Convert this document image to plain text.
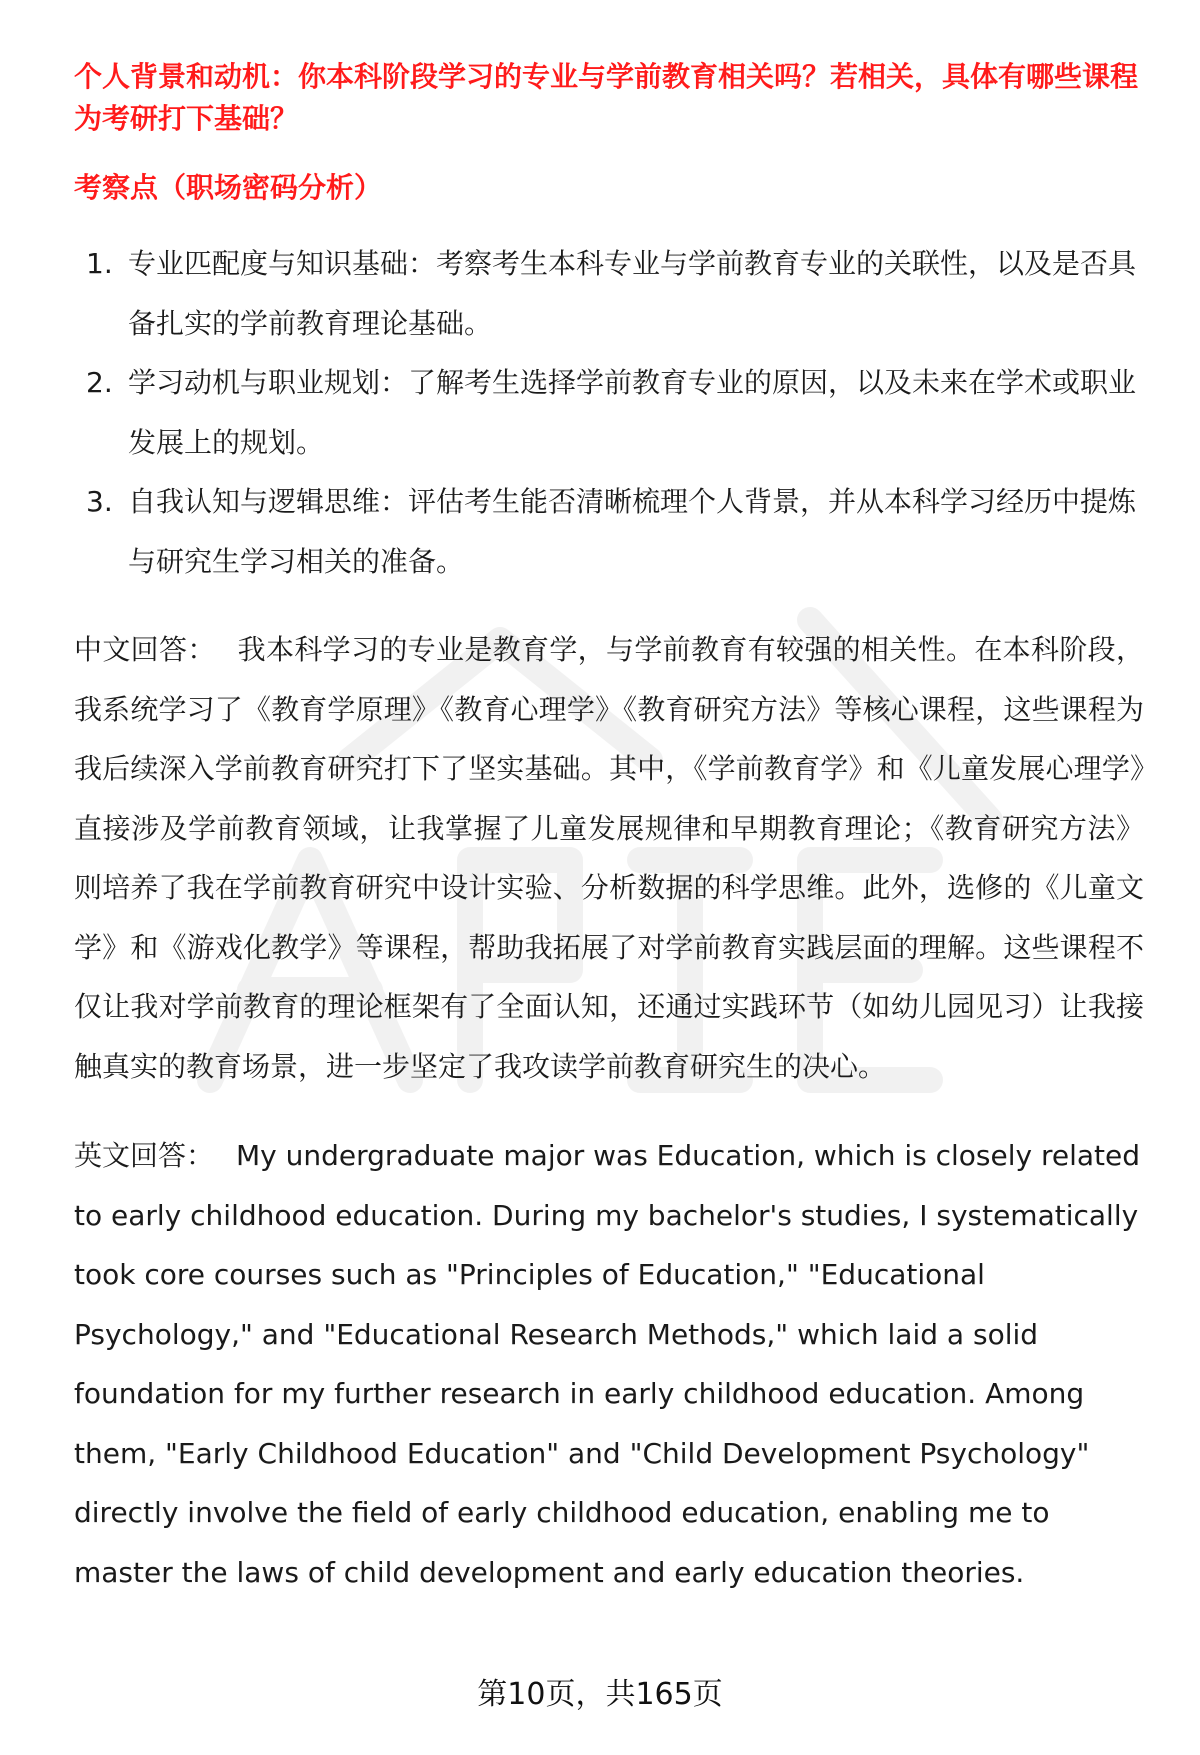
个人背景和动机：你本科阶段学习的专业与学前教育相关吗？若相关，具体有哪些课程为考研打下基础？

考察点（职场密码分析）

1. 专业匹配度与知识基础：考察考生本科专业与学前教育专业的关联性，以及是否具备扎实的学前教育理论基础。
2. 学习动机与职业规划：了解考生选择学前教育专业的原因，以及未来在学术或职业发展上的规划。
3. 自我认知与逻辑思维：评估考生能否清晰梳理个人背景，并从本科学习经历中提炼与研究生学习相关的准备。

中文回答： 我本科学习的专业是教育学，与学前教育有较强的相关性。在本科阶段，我系统学习了《教育学原理》《教育心理学》《教育研究方法》等核心课程，这些课程为我后续深入学前教育研究打下了坚实基础。其中，《学前教育学》和《儿童发展心理学》直接涉及学前教育领域，让我掌握了儿童发展规律和早期教育理论；《教育研究方法》则培养了我在学前教育研究中设计实验、分析数据的科学思维。此外，选修的《儿童文学》和《游戏化教学》等课程，帮助我拓展了对学前教育实践层面的理解。这些课程不仅让我对学前教育的理论框架有了全面认知，还通过实践环节（如幼儿园见习）让我接触真实的教育场景，进一步坚定了我攻读学前教育研究生的决心。

英文回答： My undergraduate major was Education, which is closely related to early childhood education. During my bachelor's studies, I systematically took core courses such as "Principles of Education," "Educational Psychology," and "Educational Research Methods," which laid a solid foundation for my further research in early childhood education. Among them, "Early Childhood Education" and "Child Development Psychology" directly involve the field of early childhood education, enabling me to master the laws of child development and early education theories.

第10页，共165页
